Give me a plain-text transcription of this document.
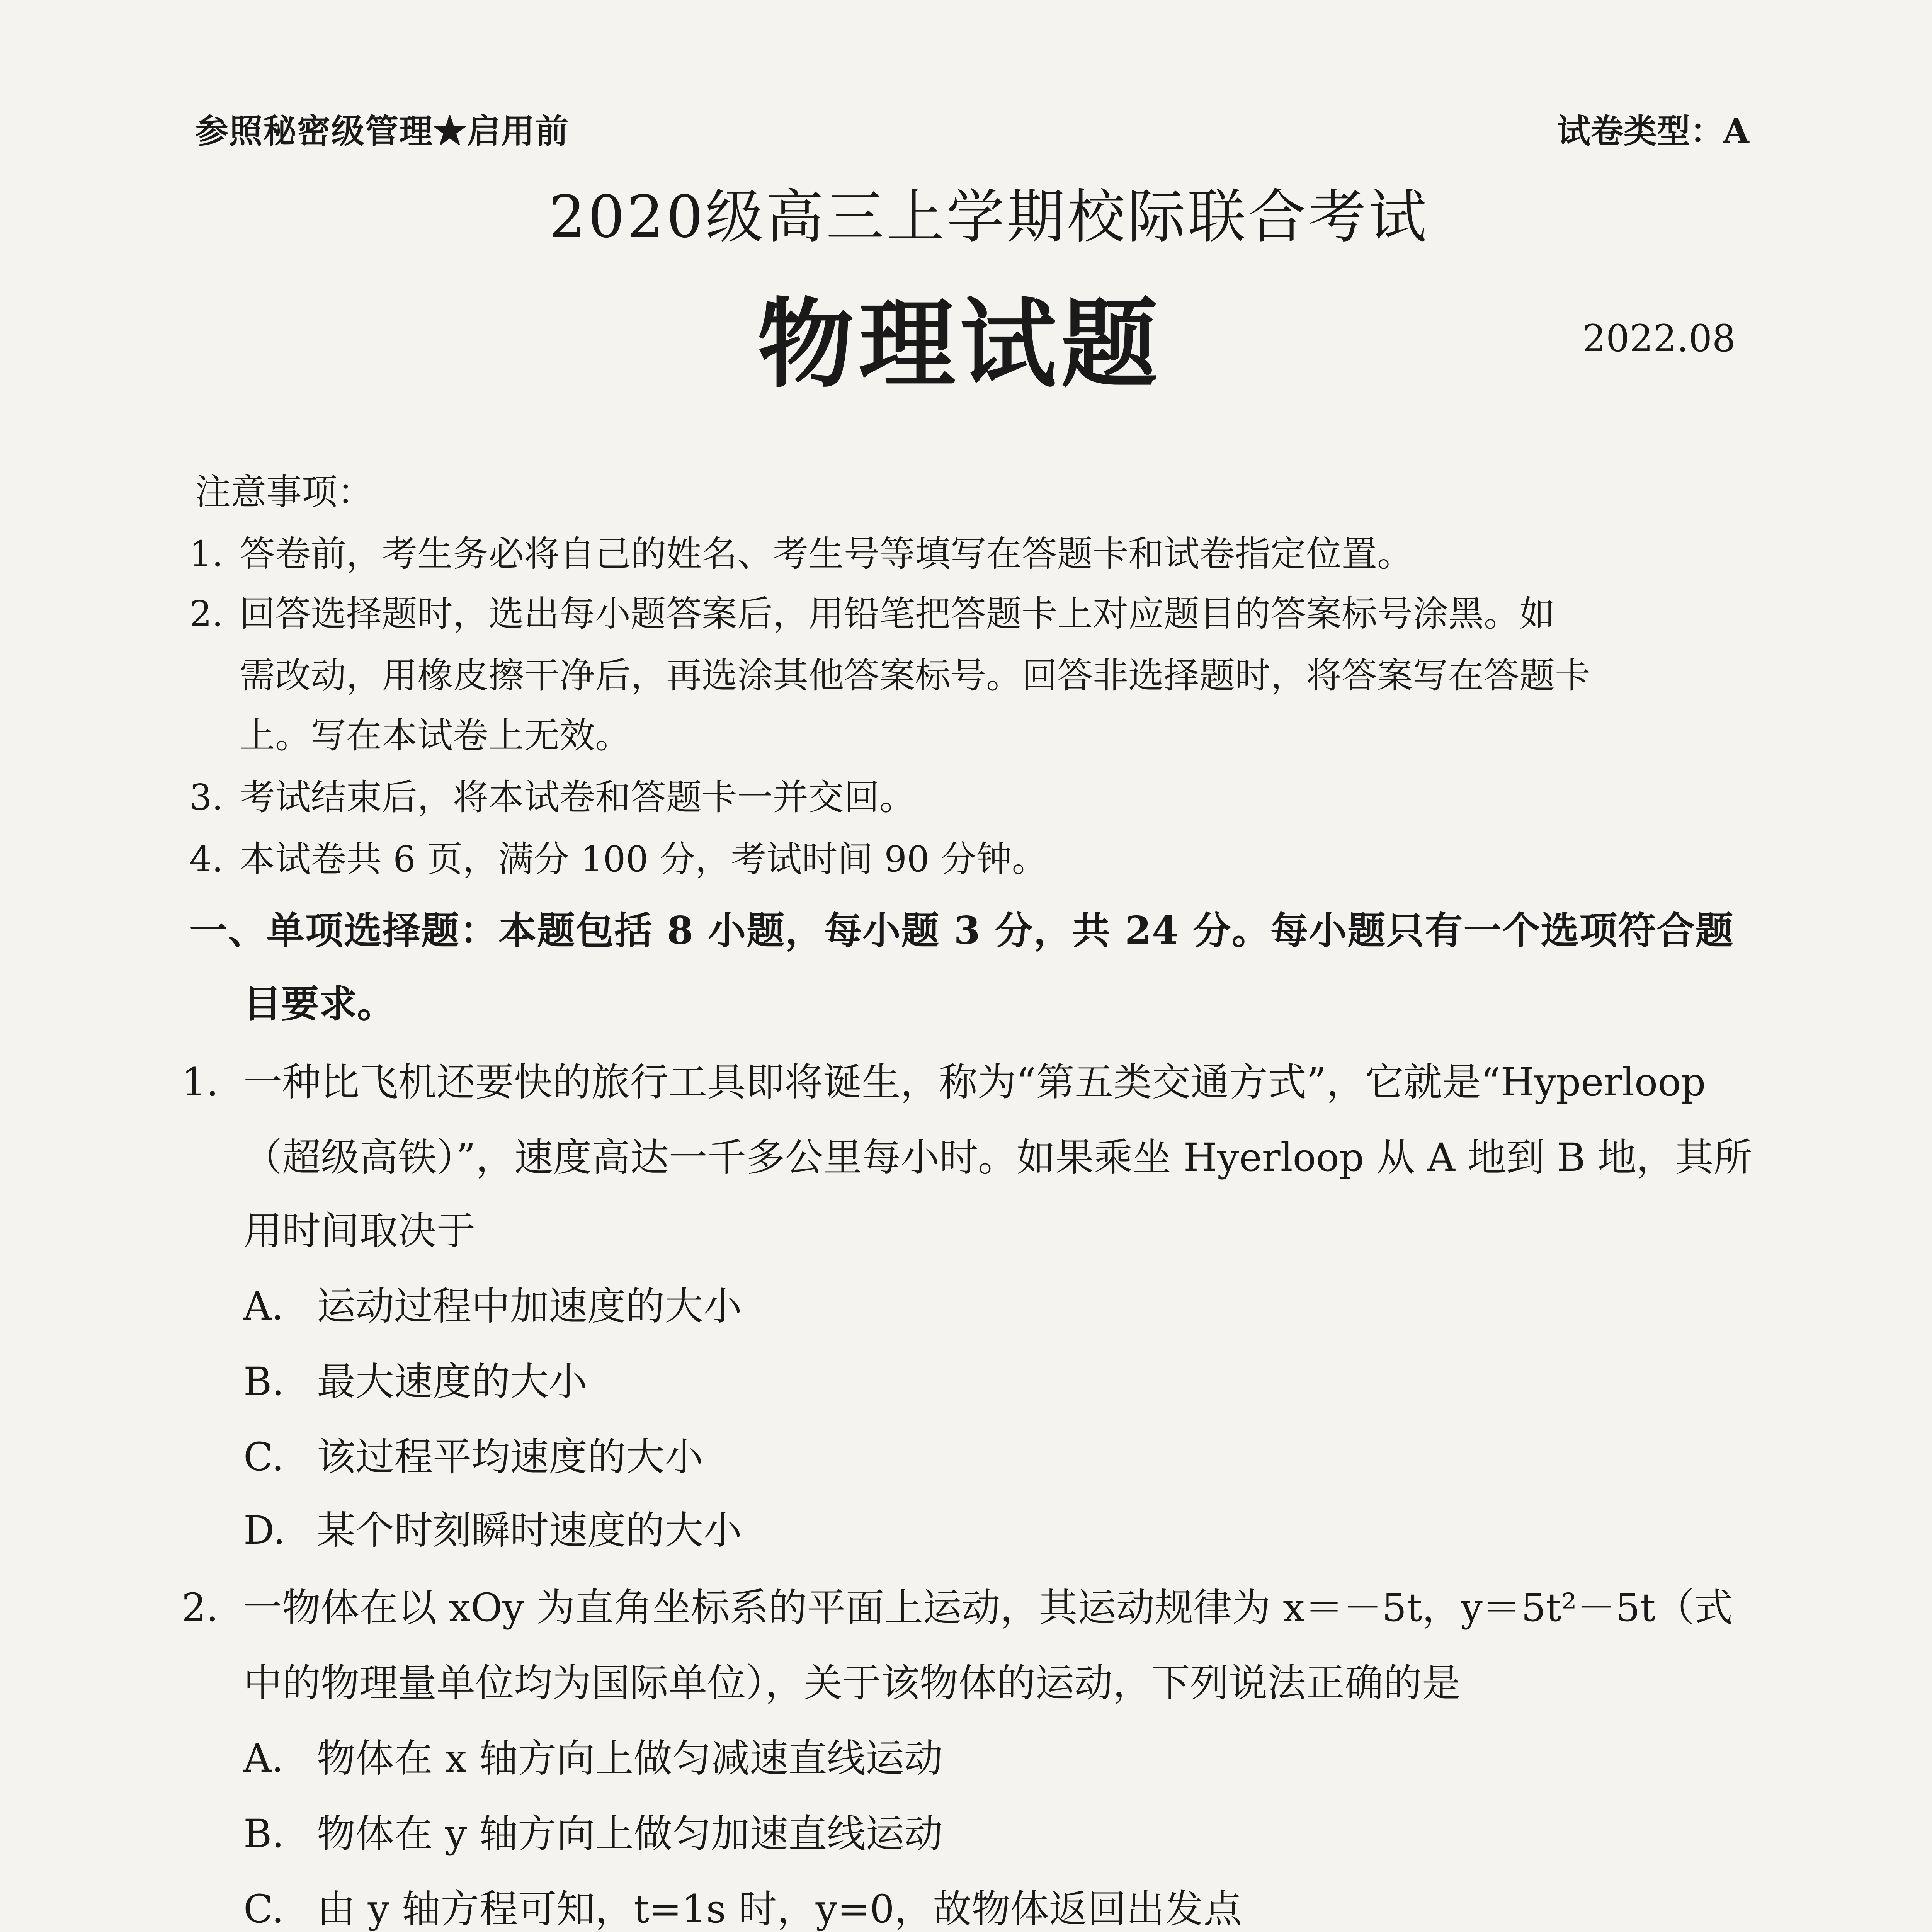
参照秘密级管理★启用前	试卷类型：A
2020级高三上学期校际联合考试
物理试题	2022.08
注意事项：
1. 答卷前，考生务必将自己的姓名、考生号等填写在答题卡和试卷指定位置。
2. 回答选择题时，选出每小题答案后，用铅笔把答题卡上对应题目的答案标号涂黑。如
需改动，用橡皮擦干净后，再选涂其他答案标号。回答非选择题时，将答案写在答题卡
上。写在本试卷上无效。
3. 考试结束后，将本试卷和答题卡一并交回。
4. 本试卷共 6 页，满分 100 分，考试时间 90 分钟。
一、单项选择题：本题包括 8 小题，每小题 3 分，共 24 分。每小题只有一个选项符合题
目要求。
1. 一种比飞机还要快的旅行工具即将诞生，称为“第五类交通方式”，它就是“Hyperloop
（超级高铁）”，速度高达一千多公里每小时。如果乘坐 Hyerloop 从 A 地到 B 地，其所
用时间取决于
A. 运动过程中加速度的大小
B. 最大速度的大小
C. 该过程平均速度的大小
D. 某个时刻瞬时速度的大小
2. 一物体在以 xOy 为直角坐标系的平面上运动，其运动规律为 x＝－5t，y＝5t²－5t（式
中的物理量单位均为国际单位），关于该物体的运动，下列说法正确的是
A. 物体在 x 轴方向上做匀减速直线运动
B. 物体在 y 轴方向上做匀加速直线运动
C. 由 y 轴方程可知，t=1s 时，y=0，故物体返回出发点
